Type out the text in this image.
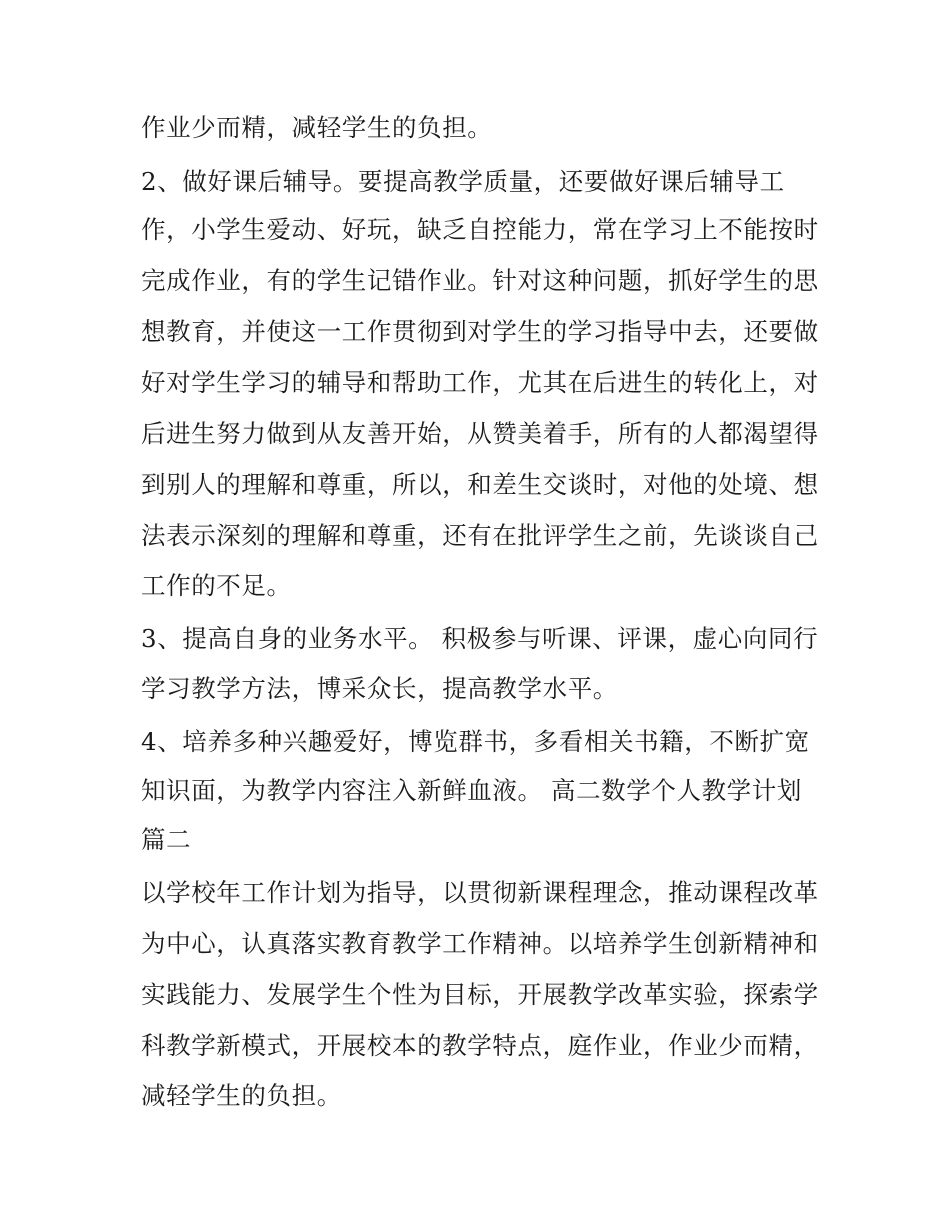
作业少而精，减轻学生的负担。
2、做好课后辅导。要提高教学质量，还要做好课后辅导工
作，小学生爱动、好玩，缺乏自控能力，常在学习上不能按时
完成作业，有的学生记错作业。针对这种问题，抓好学生的思
想教育，并使这一工作贯彻到对学生的学习指导中去，还要做
好对学生学习的辅导和帮助工作，尤其在后进生的转化上，对
后进生努力做到从友善开始，从赞美着手，所有的人都渴望得
到别人的理解和尊重，所以，和差生交谈时，对他的处境、想
法表示深刻的理解和尊重，还有在批评学生之前，先谈谈自己
工作的不足。
3、提高自身的业务水平。 积极参与听课、评课，虚心向同行
学习教学方法，博采众长，提高教学水平。
4、培养多种兴趣爱好，博览群书，多看相关书籍，不断扩宽
知识面，为教学内容注入新鲜血液。 高二数学个人教学计划
篇二
以学校年工作计划为指导，以贯彻新课程理念，推动课程改革
为中心，认真落实教育教学工作精神。以培养学生创新精神和
实践能力、发展学生个性为目标，开展教学改革实验，探索学
科教学新模式，开展校本的教学特点，庭作业，作业少而精，
减轻学生的负担。
